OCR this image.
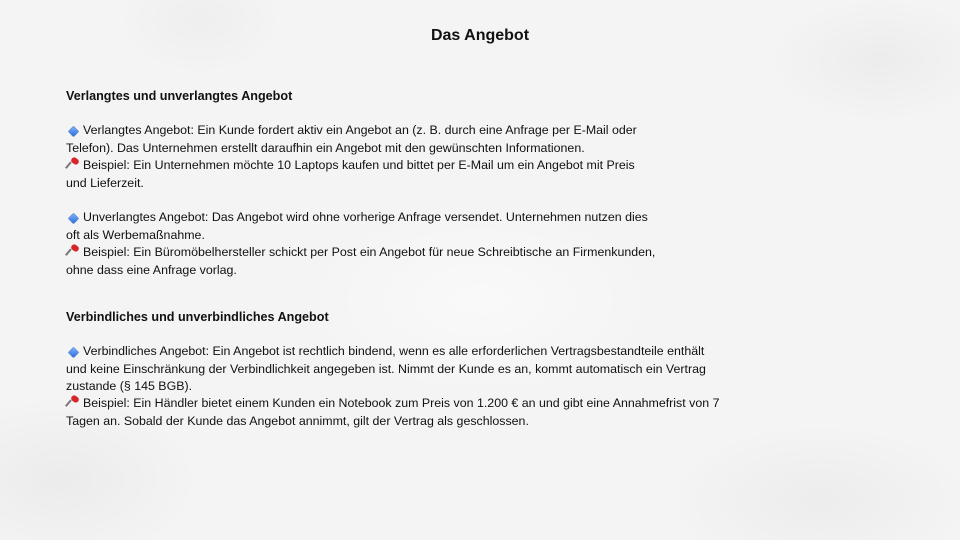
Das Angebot

Verlangtes und unverlangtes Angebot

Verlangtes Angebot: Ein Kunde fordert aktiv ein Angebot an (z. B. durch eine Anfrage per E-Mail oder
Telefon). Das Unternehmen erstellt daraufhin ein Angebot mit den gewünschten Informationen.
Beispiel: Ein Unternehmen möchte 10 Laptops kaufen und bittet per E-Mail um ein Angebot mit Preis
und Lieferzeit.
Unverlangtes Angebot: Das Angebot wird ohne vorherige Anfrage versendet. Unternehmen nutzen dies
oft als Werbemaßnahme.
Beispiel: Ein Büromöbelhersteller schickt per Post ein Angebot für neue Schreibtische an Firmenkunden,
ohne dass eine Anfrage vorlag.

Verbindliches und unverbindliches Angebot

Verbindliches Angebot: Ein Angebot ist rechtlich bindend, wenn es alle erforderlichen Vertragsbestandteile enthält
und keine Einschränkung der Verbindlichkeit angegeben ist. Nimmt der Kunde es an, kommt automatisch ein Vertrag
zustande (§ 145 BGB).
Beispiel: Ein Händler bietet einem Kunden ein Notebook zum Preis von 1.200 € an und gibt eine Annahmefrist von 7
Tagen an. Sobald der Kunde das Angebot annimmt, gilt der Vertrag als geschlossen.
